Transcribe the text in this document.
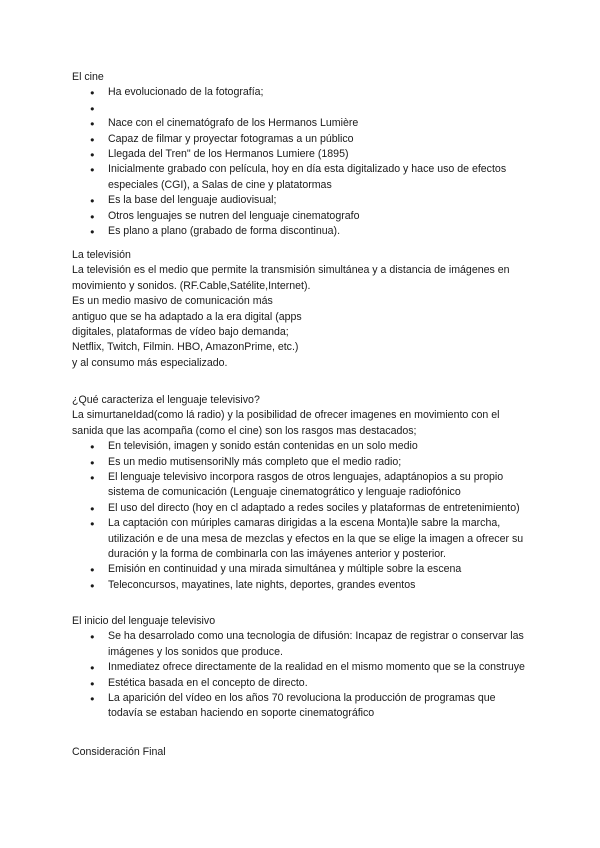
El cine

● Ha evolucionado de la fotografía;
●
● Nace con el cinematógrafo de los Hermanos Lumière
● Capaz de filmar y proyectar fotogramas a un público
● Llegada del Tren" de los Hermanos Lumiere (1895)
● Inicialmente grabado con película, hoy en día esta digitalizado y hace uso de efectos especiales (CGI), a Salas de cine y platatormas
● Es la base del lenguaje audiovisual;
● Otros lenguajes se nutren del lenguaje cinematografo
● Es plano a plano (grabado de forma discontinua).

La televisión

La televisión es el medio que permite la transmisión simultánea y a distancia de imágenes en movimiento y sonidos. (RF.Cable,Satélite,Internet).

Es un medio masivo de comunicación más antiguo que se ha adaptado a la era digital (apps digitales, plataformas de vídeo bajo demanda; Netflix, Twitch, Filmin. HBO, AmazonPrime, etc.) y al consumo más especializado.

¿Qué caracteriza el lenguaje televisivo?

La simurtaneIdad(como lá radio) y la posibilidad de ofrecer imagenes en movimiento con el sanida que las acompaña (como el cine) son los rasgos mas destacados;

● En televisión, imagen y sonido están contenidas en un solo medio
● Es un medio mutisensoriNly más completo que el medio radio;
● El lenguaje televisivo incorpora rasgos de otros lenguajes, adaptánopios a su propio sistema de comunicación (Lenguaje cinematogrático y lenguaje radiofónico
● El uso del directo (hoy en cl adaptado a redes sociles y plataformas de entretenimiento)
● La captación con múriples camaras dirigidas a la escena Monta)le sabre la marcha, utilización e de una mesa de mezclas y efectos en la que se elige la imagen a ofrecer su duración y la forma de combinarla con las imáyenes anterior y posterior.
● Emisión en continuidad y una mirada simultánea y múltiple sobre la escena
● Teleconcursos, mayatines, late nights, deportes, grandes eventos

El inicio del lenguaje televisivo

● Se ha desarrolado como una tecnologia de difusión: Incapaz de registrar o conservar las imágenes y los sonidos que produce.
● Inmediatez ofrece directamente de la realidad en el mismo momento que se la construye
● Estética basada en el concepto de directo.
● La aparición del vídeo en los años 70 revoluciona la producción de programas que todavía se estaban haciendo en soporte cinematográfico

Consideración Final
